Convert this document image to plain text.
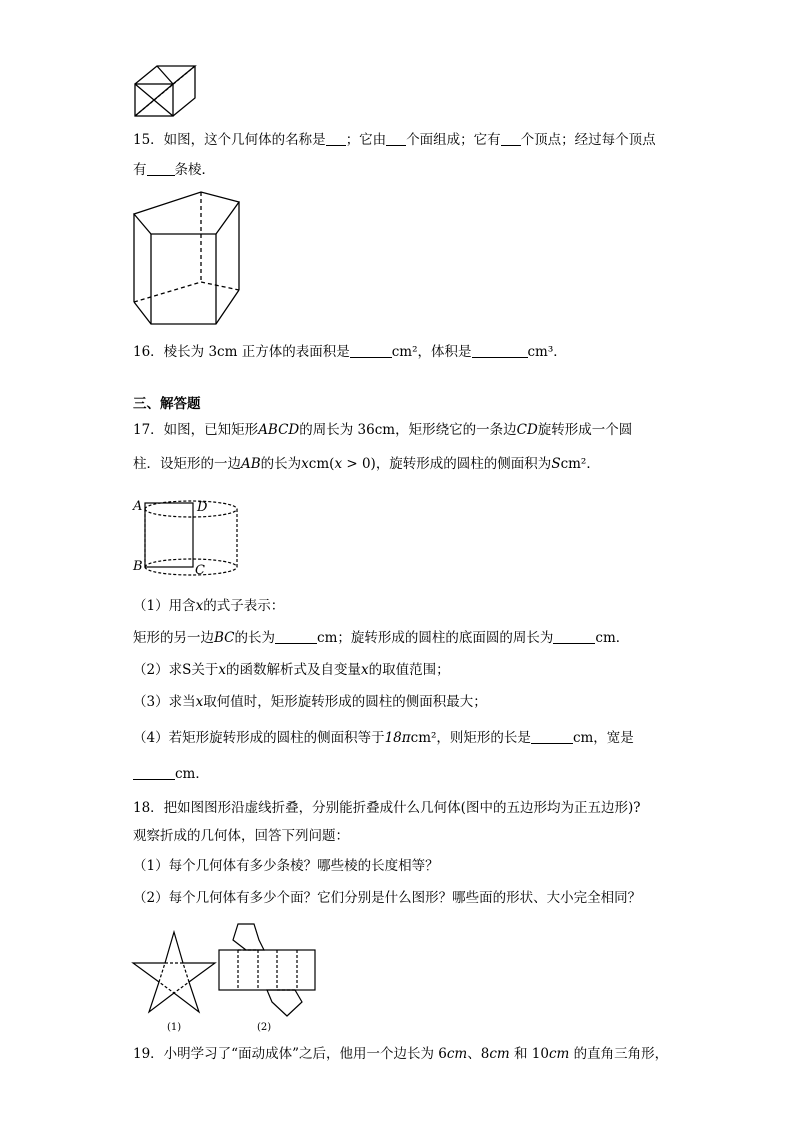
15．如图，这个几何体的名称是 ；它由 个面组成；它有 个顶点；经过每个顶点
有 条棱．
16．棱长为 3cm 正方体的表面积是	cm²，体积是	cm³．
三、解答题
17．如图，已知矩形ABCD的周长为 36cm，矩形绕它的一条边CD旋转形成一个圆
柱．设矩形的一边AB的长为xcm(x > 0)，旋转形成的圆柱的侧面积为Scm²．
A	D
B	C
（1）用含x的式子表示：
矩形的另一边BC的长为	cm；旋转形成的圆柱的底面圆的周长为	cm．
（2）求S关于x的函数解析式及自变量x的取值范围；
（3）求当x取何值时，矩形旋转形成的圆柱的侧面积最大；
（4）若矩形旋转形成的圆柱的侧面积等于18πcm²，则矩形的长是	cm，宽是
cm．
18．把如图图形沿虚线折叠，分别能折叠成什么几何体(图中的五边形均为正五边形)?
观察折成的几何体，回答下列问题：
（1）每个几何体有多少条棱？哪些棱的长度相等？
（2）每个几何体有多少个面？它们分别是什么图形？哪些面的形状、大小完全相同？
(1)	(2)
19．小明学习了“面动成体”之后，他用一个边长为 6cm、8cm 和 10cm 的直角三角形，
